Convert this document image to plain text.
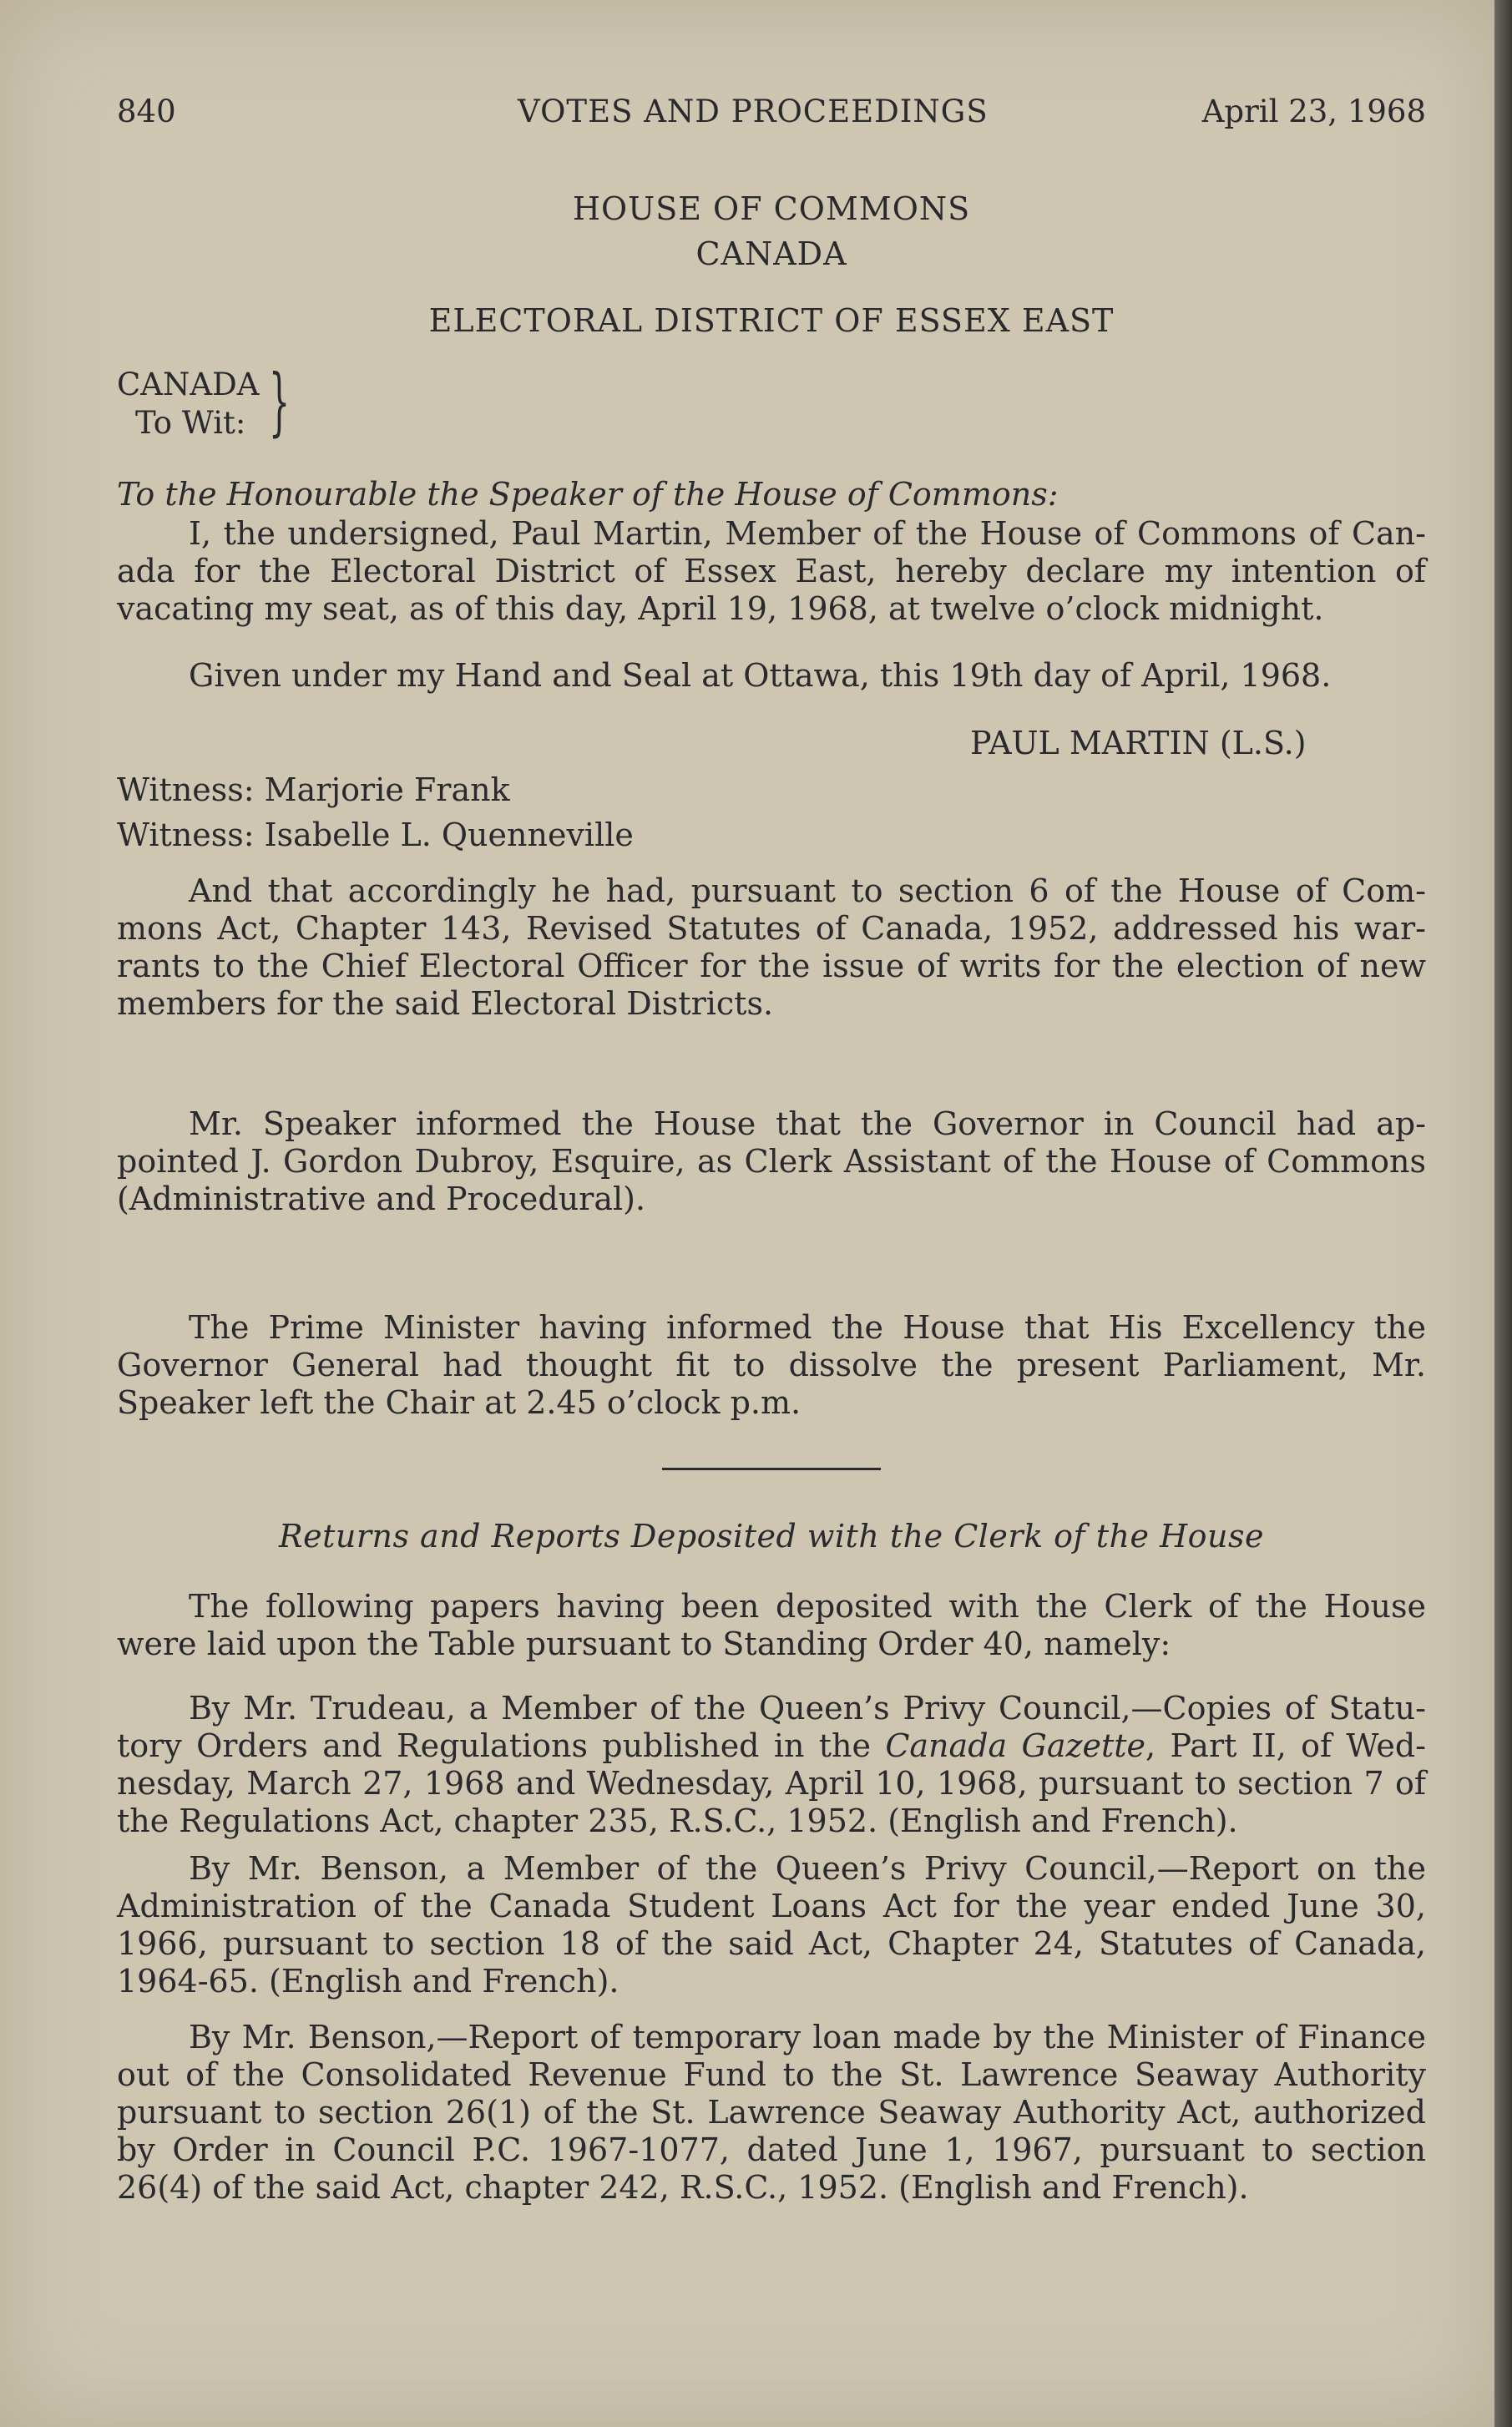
840	VOTES AND PROCEEDINGS	April 23, 1968
HOUSE OF COMMONS
CANADA
ELECTORAL DISTRICT OF ESSEX EAST
CANADA
To Wit: }
To the Honourable the Speaker of the House of Commons:
I, the undersigned, Paul Martin, Member of the House of Commons of Canada for the Electoral District of Essex East, hereby declare my intention of vacating my seat, as of this day, April 19, 1968, at twelve o’clock midnight.
Given under my Hand and Seal at Ottawa, this 19th day of April, 1968.
PAUL MARTIN (L.S.)
Witness: Marjorie Frank
Witness: Isabelle L. Quenneville
And that accordingly he had, pursuant to section 6 of the House of Commons Act, Chapter 143, Revised Statutes of Canada, 1952, addressed his warrants to the Chief Electoral Officer for the issue of writs for the election of new members for the said Electoral Districts.
Mr. Speaker informed the House that the Governor in Council had appointed J. Gordon Dubroy, Esquire, as Clerk Assistant of the House of Commons (Administrative and Procedural).
The Prime Minister having informed the House that His Excellency the Governor General had thought fit to dissolve the present Parliament, Mr. Speaker left the Chair at 2.45 o’clock p.m.
Returns and Reports Deposited with the Clerk of the House
The following papers having been deposited with the Clerk of the House were laid upon the Table pursuant to Standing Order 40, namely:
By Mr. Trudeau, a Member of the Queen’s Privy Council,—Copies of Statutory Orders and Regulations published in the Canada Gazette, Part II, of Wednesday, March 27, 1968 and Wednesday, April 10, 1968, pursuant to section 7 of the Regulations Act, chapter 235, R.S.C., 1952. (English and French).
By Mr. Benson, a Member of the Queen’s Privy Council,—Report on the Administration of the Canada Student Loans Act for the year ended June 30, 1966, pursuant to section 18 of the said Act, Chapter 24, Statutes of Canada, 1964-65. (English and French).
By Mr. Benson,—Report of temporary loan made by the Minister of Finance out of the Consolidated Revenue Fund to the St. Lawrence Seaway Authority pursuant to section 26(1) of the St. Lawrence Seaway Authority Act, authorized by Order in Council P.C. 1967-1077, dated June 1, 1967, pursuant to section 26(4) of the said Act, chapter 242, R.S.C., 1952. (English and French).
